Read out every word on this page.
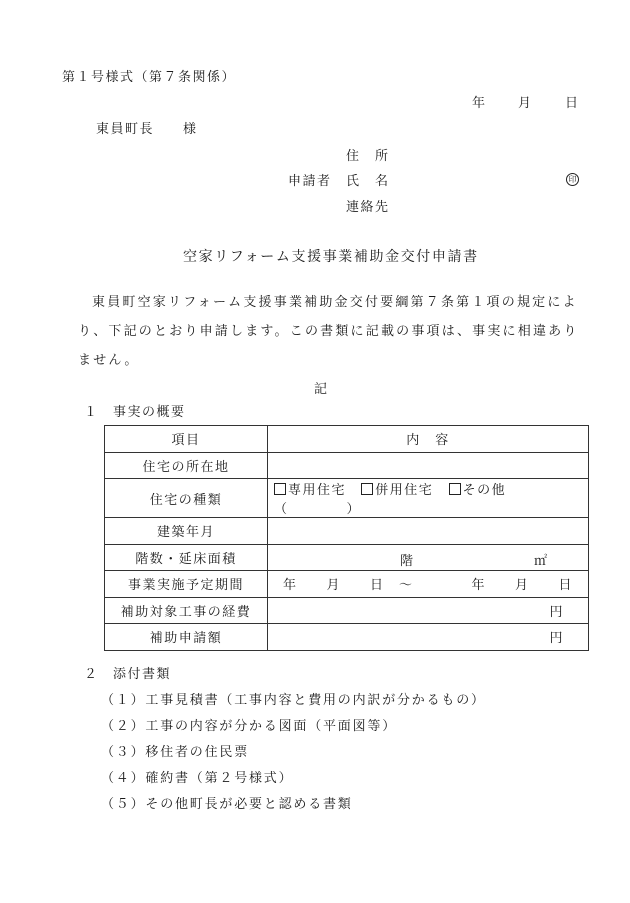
第１号様式（第７条関係）
年 月 日
東員町長　　様
住　所
申請者 氏　名	印
連絡先
空家リフォーム支援事業補助金交付申請書
東員町空家リフォーム支援事業補助金交付要綱第７条第１項の規定により、下記のとおり申請します。この書類に記載の事項は、事実に相違ありません。
記
１　事実の概要
項目	内　容
住宅の所在地	
住宅の種類	専用住宅 併用住宅 その他（　　　　）
建築年月	
階数・延床面積	階 ㎡

事業実施予定期間	年　　月　　日　～　　　　年　　月　　日
補助対象工事の経費	円
補助申請額	円
２　添付書類
（１）工事見積書（工事内容と費用の内訳が分かるもの）
（２）工事の内容が分かる図面（平面図等）
（３）移住者の住民票
（４）確約書（第２号様式）
（５）その他町長が必要と認める書類
